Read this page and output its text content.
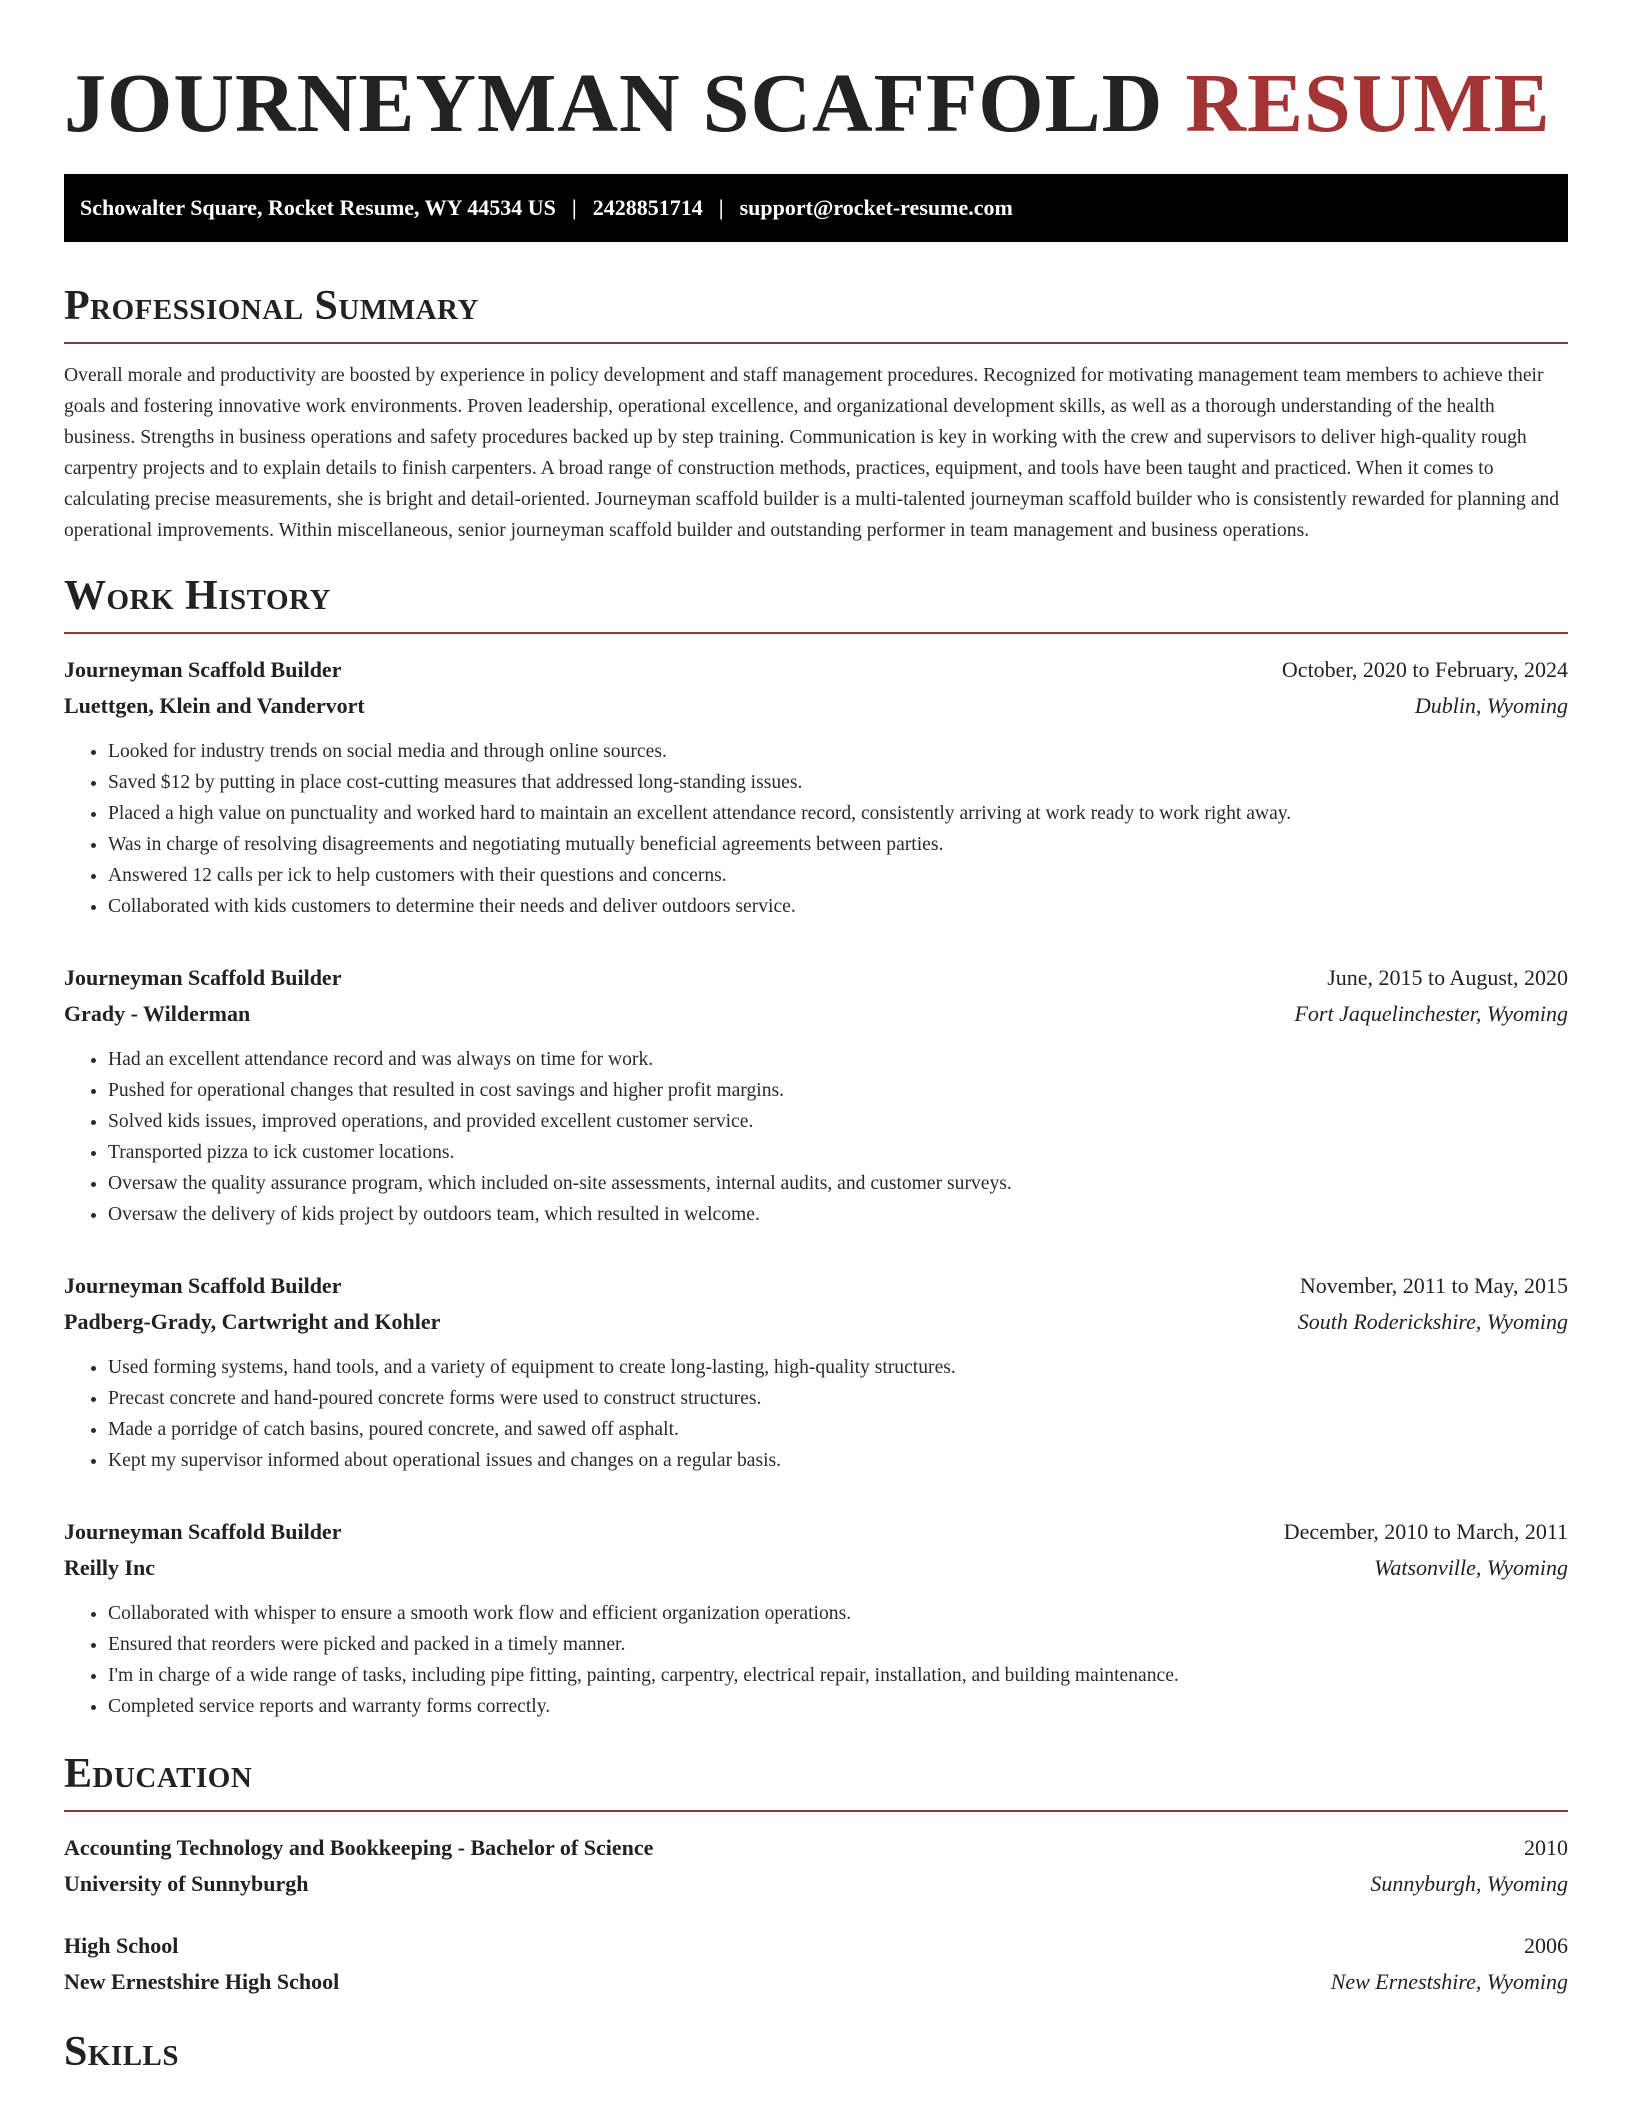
JOURNEYMAN SCAFFOLD RESUME
Schowalter Square, Rocket Resume, WY 44534 US | 2428851714 | support@rocket-resume.com
Professional Summary

Overall morale and productivity are boosted by experience in policy development and staff management procedures. Recognized for motivating management team members to achieve their goals and fostering innovative work environments. Proven leadership, operational excellence, and organizational development skills, as well as a thorough understanding of the health business. Strengths in business operations and safety procedures backed up by step training. Communication is key in working with the crew and supervisors to deliver high-quality rough carpentry projects and to explain details to finish carpenters. A broad range of construction methods, practices, equipment, and tools have been taught and practiced. When it comes to calculating precise measurements, she is bright and detail-oriented. Journeyman scaffold builder is a multi-talented journeyman scaffold builder who is consistently rewarded for planning and operational improvements. Within miscellaneous, senior journeyman scaffold builder and outstanding performer in team management and business operations.

Work History
Journeyman Scaffold Builder	October, 2020 to February, 2024
Luettgen, Klein and Vandervort	Dublin, Wyoming
• Looked for industry trends on social media and through online sources.
• Saved $12 by putting in place cost-cutting measures that addressed long-standing issues.
• Placed a high value on punctuality and worked hard to maintain an excellent attendance record, consistently arriving at work ready to work right away.
• Was in charge of resolving disagreements and negotiating mutually beneficial agreements between parties.
• Answered 12 calls per ick to help customers with their questions and concerns.
• Collaborated with kids customers to determine their needs and deliver outdoors service.
Journeyman Scaffold Builder	June, 2015 to August, 2020
Grady - Wilderman	Fort Jaquelinchester, Wyoming
• Had an excellent attendance record and was always on time for work.
• Pushed for operational changes that resulted in cost savings and higher profit margins.
• Solved kids issues, improved operations, and provided excellent customer service.
• Transported pizza to ick customer locations.
• Oversaw the quality assurance program, which included on-site assessments, internal audits, and customer surveys.
• Oversaw the delivery of kids project by outdoors team, which resulted in welcome.
Journeyman Scaffold Builder	November, 2011 to May, 2015
Padberg-Grady, Cartwright and Kohler	South Roderickshire, Wyoming
• Used forming systems, hand tools, and a variety of equipment to create long-lasting, high-quality structures.
• Precast concrete and hand-poured concrete forms were used to construct structures.
• Made a porridge of catch basins, poured concrete, and sawed off asphalt.
• Kept my supervisor informed about operational issues and changes on a regular basis.
Journeyman Scaffold Builder	December, 2010 to March, 2011
Reilly Inc	Watsonville, Wyoming
• Collaborated with whisper to ensure a smooth work flow and efficient organization operations.
• Ensured that reorders were picked and packed in a timely manner.
• I'm in charge of a wide range of tasks, including pipe fitting, painting, carpentry, electrical repair, installation, and building maintenance.
• Completed service reports and warranty forms correctly.
Education
Accounting Technology and Bookkeeping - Bachelor of Science	2010
University of Sunnyburgh	Sunnyburgh, Wyoming
High School	2006
New Ernestshire High School	New Ernestshire, Wyoming
Skills
